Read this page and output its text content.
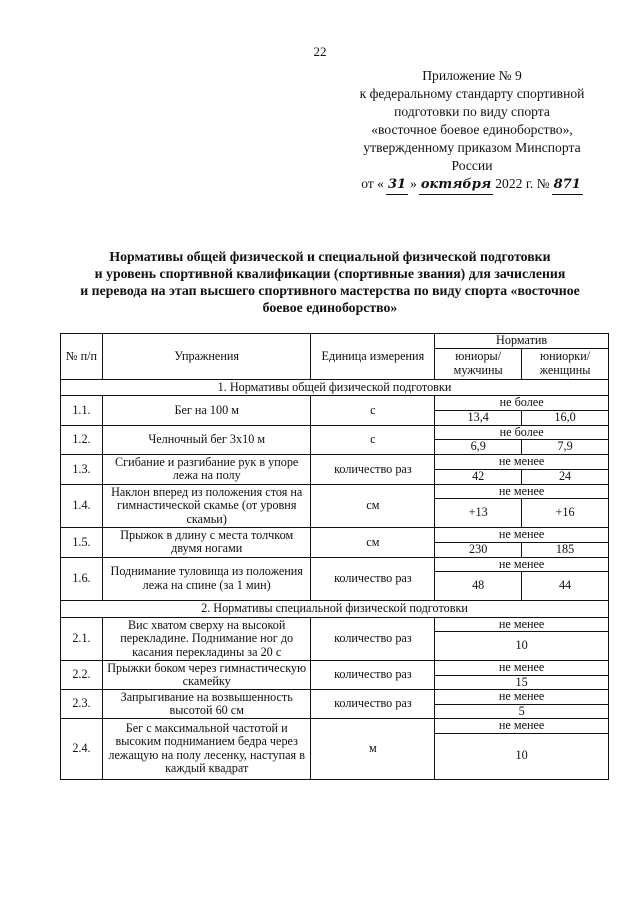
22
Приложение № 9
к федеральному стандарту спортивной
подготовки по виду спорта
«восточное боевое единоборство»,
утвержденному приказом Минспорта
России
от « 31 » октября 2022 г. № 871
Нормативы общей физической и специальной физической подготовки
и уровень спортивной квалификации (спортивные звания) для зачисления
и перевода на этап высшего спортивного мастерства по виду спорта «восточное
боевое единоборство»
№ п/п	Упражнения	Единица измерения	Норматив	
			юниоры/ мужчины	юниорки/ женщины
1. Нормативы общей физической подготовки				
1.1.	Бег на 100 м	с	не более	
			13,4	16,0
1.2.	Челночный бег 3х10 м	с	не более	
			6,9	7,9
1.3.	Сгибание и разгибание рук в упоре лежа на полу	количество раз	не менее	
			42	24
1.4.	Наклон вперед из положения стоя на гимнастической скамье (от уровня скамьи)	см	не менее	
			+13	+16
1.5.	Прыжок в длину с места толчком двумя ногами	см	не менее	
			230	185
1.6.	Поднимание туловища из положения лежа на спине (за 1 мин)	количество раз	не менее	
			48	44
2. Нормативы специальной физической подготовки				
2.1.	Вис хватом сверху на высокой перекладине. Поднимание ног до касания перекладины за 20 с	количество раз	не менее	
			10	
2.2.	Прыжки боком через гимнастическую скамейку	количество раз	не менее	
			15	
2.3.	Запрыгивание на возвышенность высотой 60 см	количество раз	не менее	
			5	
2.4.	Бег с максимальной частотой и высоким подниманием бедра через лежащую на полу лесенку, наступая в каждый квадрат	м	не менее	
			10	
